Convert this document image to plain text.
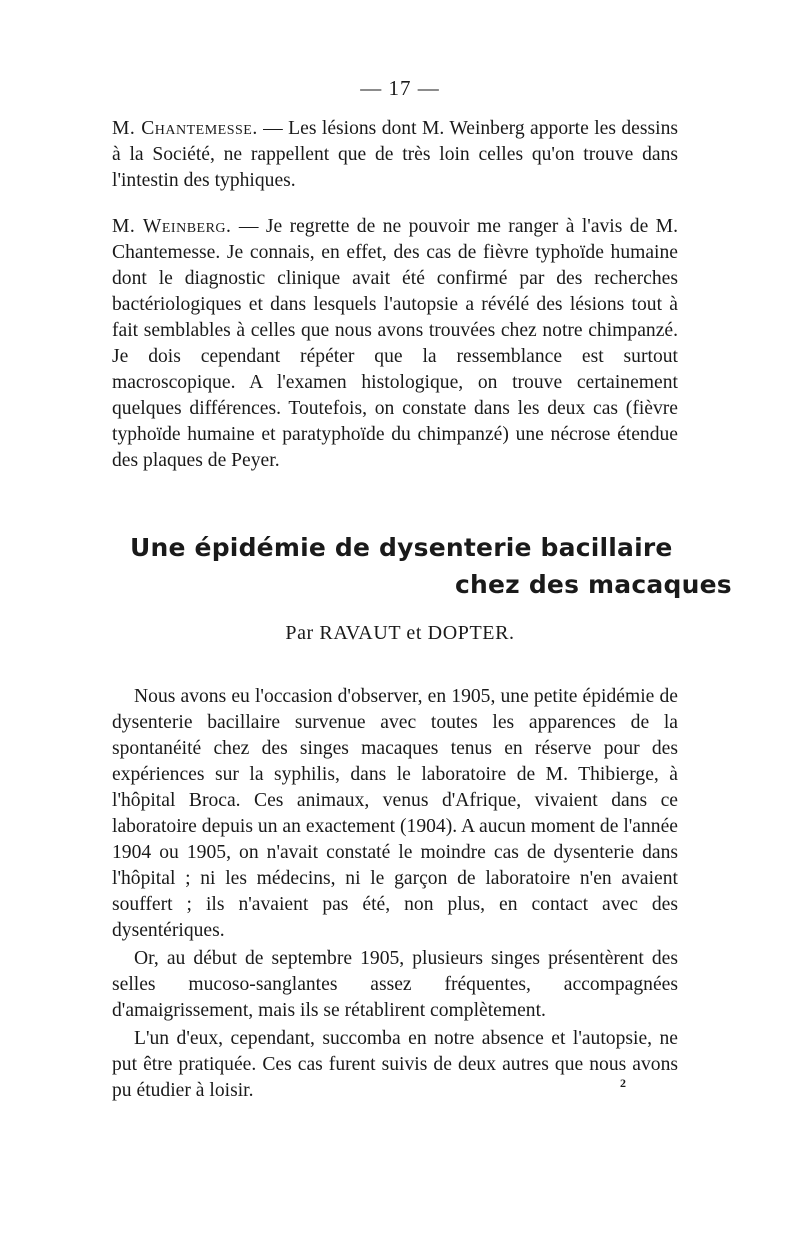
— 17 —

M. Chantemesse. — Les lésions dont M. Weinberg apporte les dessins à la Société, ne rappellent que de très loin celles qu'on trouve dans l'intestin des typhiques.

M. Weinberg. — Je regrette de ne pouvoir me ranger à l'avis de M. Chantemesse. Je connais, en effet, des cas de fièvre typhoïde humaine dont le diagnostic clinique avait été confirmé par des recherches bactériologiques et dans lesquels l'autopsie a révélé des lésions tout à fait semblables à celles que nous avons trouvées chez notre chimpanzé. Je dois cependant répéter que la ressemblance est surtout macroscopique. A l'examen histologique, on trouve certainement quelques différences. Toutefois, on constate dans les deux cas (fièvre typhoïde humaine et paratyphoïde du chimpanzé) une nécrose étendue des plaques de Peyer.

Une épidémie de dysenterie bacillaire
chez des macaques
Par RAVAUT et DOPTER.

Nous avons eu l'occasion d'observer, en 1905, une petite épidémie de dysenterie bacillaire survenue avec toutes les apparences de la spontanéité chez des singes macaques tenus en réserve pour des expériences sur la syphilis, dans le laboratoire de M. Thibierge, à l'hôpital Broca. Ces animaux, venus d'Afrique, vivaient dans ce laboratoire depuis un an exactement (1904). A aucun moment de l'année 1904 ou 1905, on n'avait constaté le moindre cas de dysenterie dans l'hôpital ; ni les médecins, ni le garçon de laboratoire n'en avaient souffert ; ils n'avaient pas été, non plus, en contact avec des dysentériques.

Or, au début de septembre 1905, plusieurs singes présentèrent des selles mucoso-sanglantes assez fréquentes, accompagnées d'amaigrissement, mais ils se rétablirent complètement.

L'un d'eux, cependant, succomba en notre absence et l'autopsie, ne put être pratiquée. Ces cas furent suivis de deux autres que nous avons pu étudier à loisir.	2
